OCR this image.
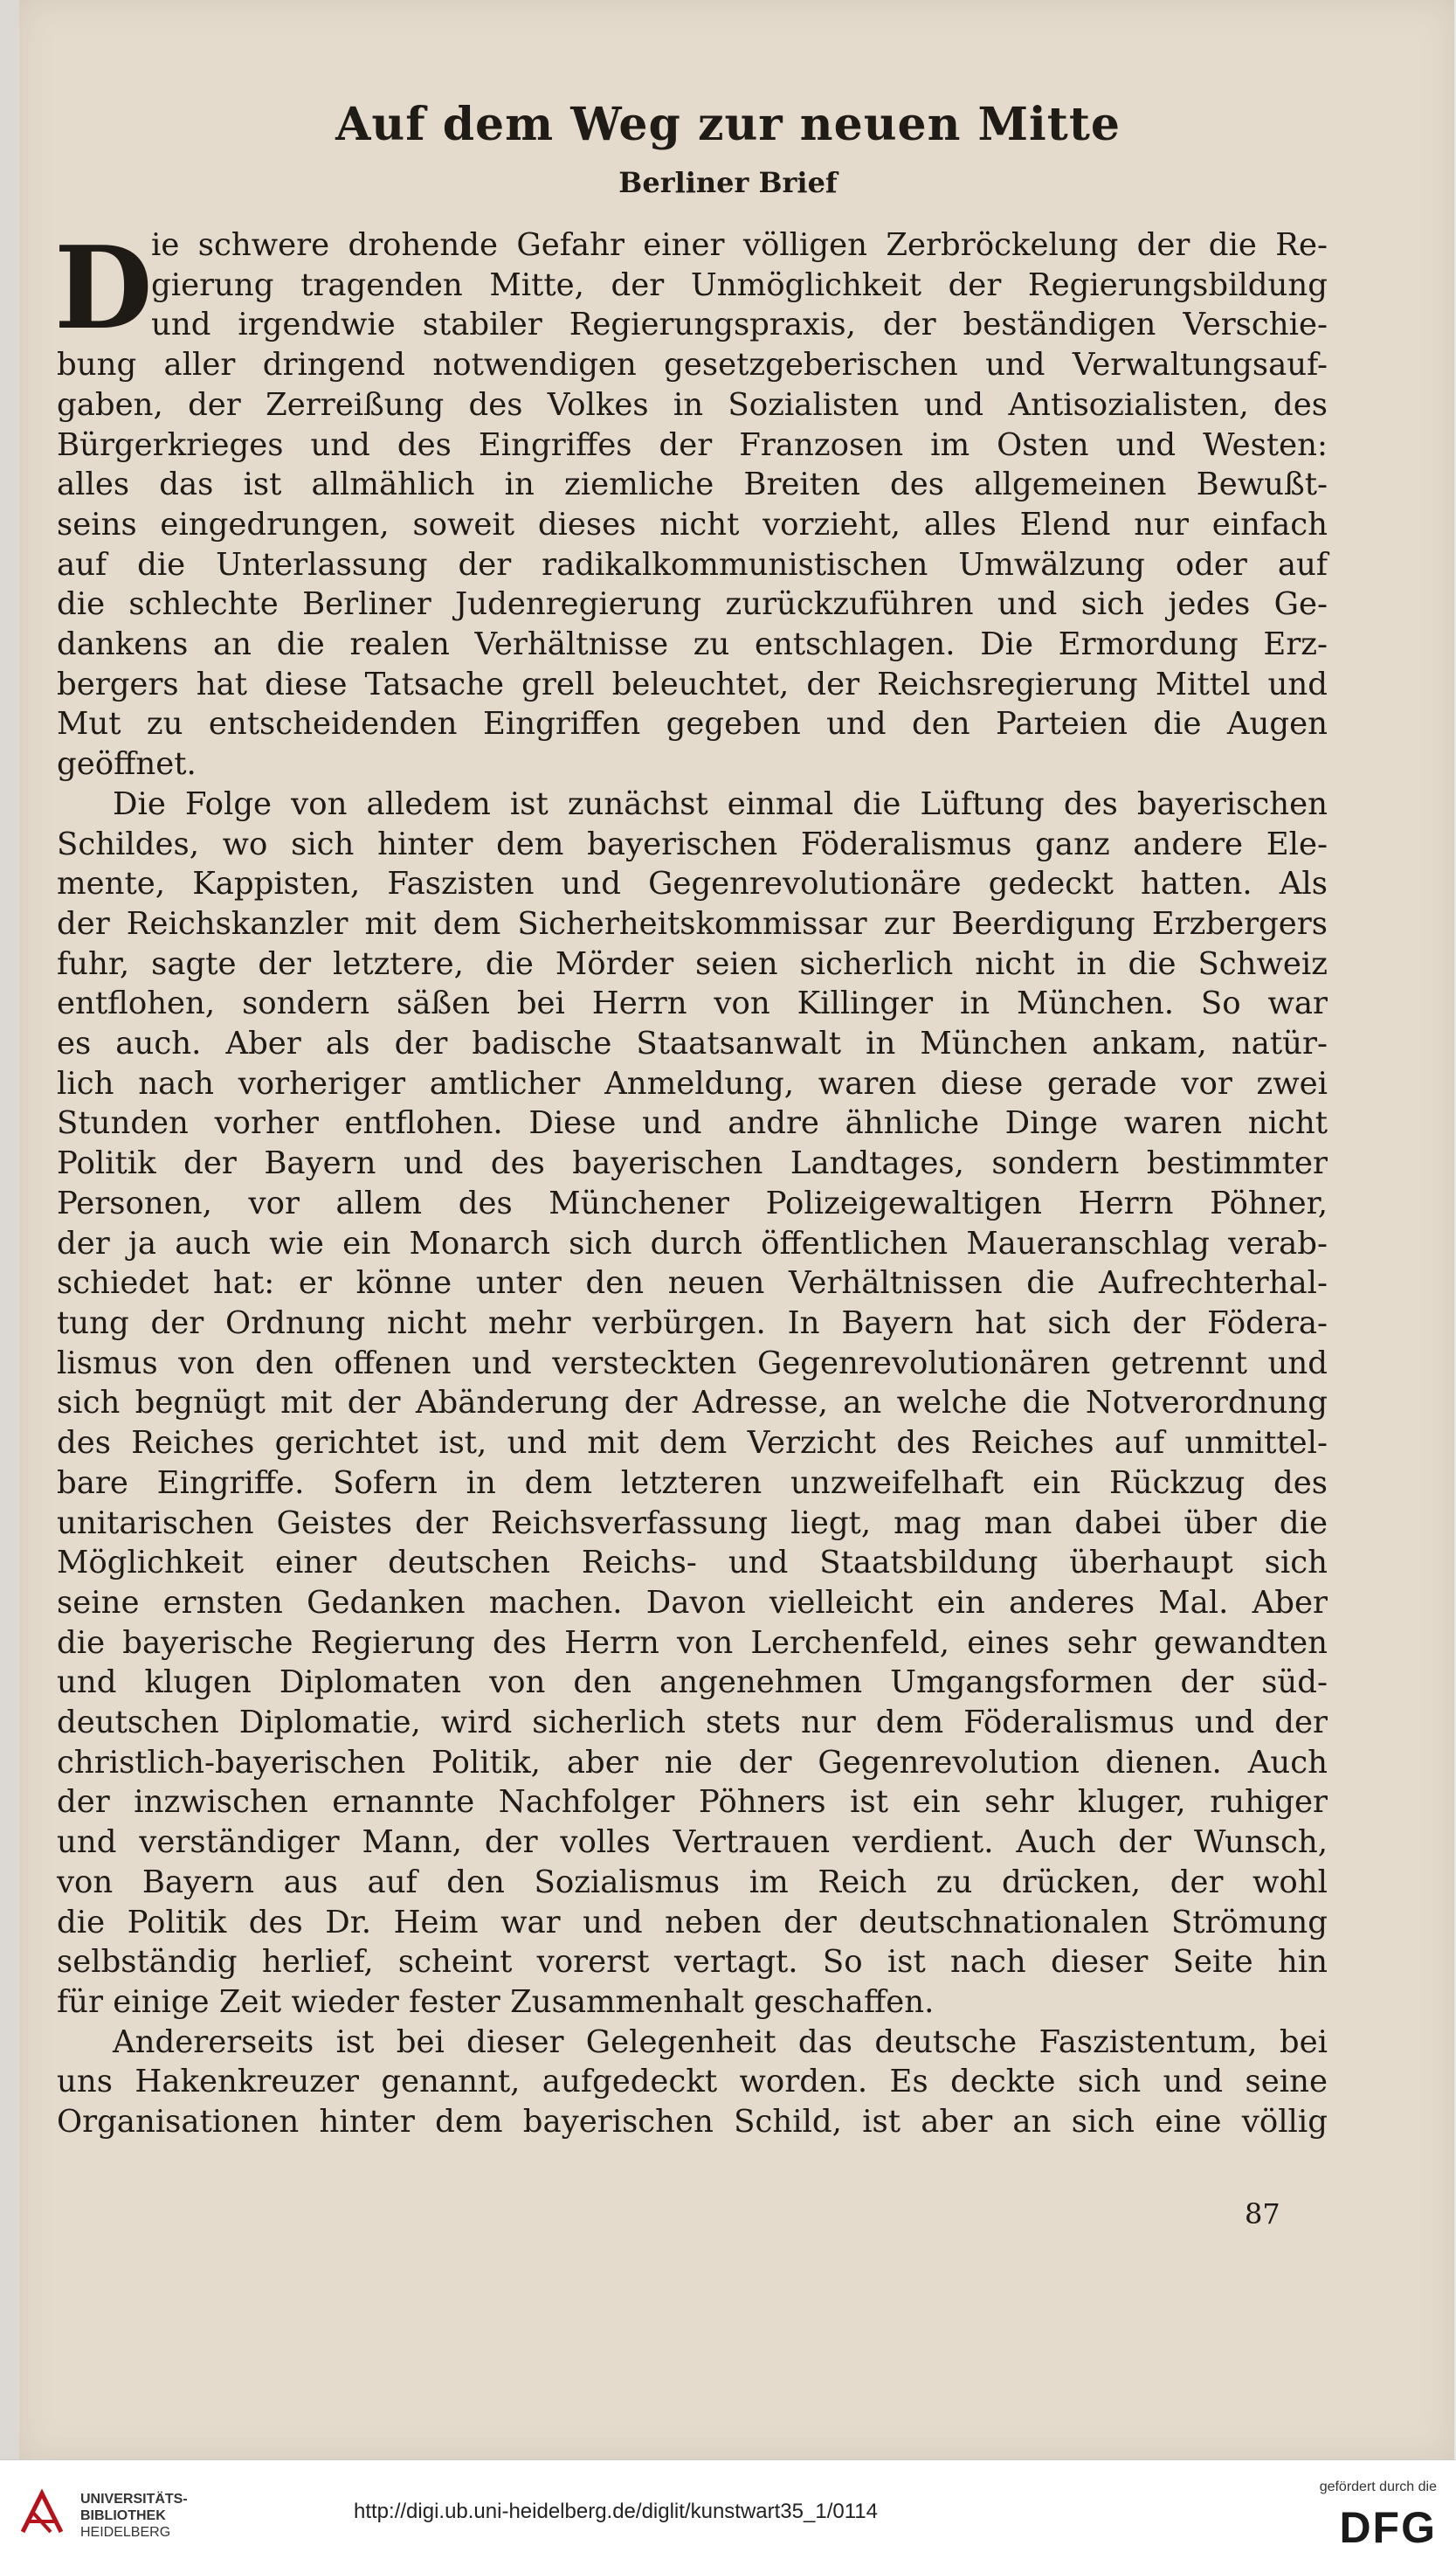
Auf dem Weg zur neuen Mitte
Berliner Brief
D
ie schwere drohende Gefahr einer völligen Zerbröckelung der die Re-
gierung tragenden Mitte, der Unmöglichkeit der Regierungsbildung
und irgendwie stabiler Regierungspraxis, der beständigen Verschie-
bung aller dringend notwendigen gesetzgeberischen und Verwaltungsauf-
gaben, der Zerreißung des Volkes in Sozialisten und Antisozialisten, des
Bürgerkrieges und des Eingriffes der Franzosen im Osten und Westen:
alles das ist allmählich in ziemliche Breiten des allgemeinen Bewußt-
seins eingedrungen, soweit dieses nicht vorzieht, alles Elend nur einfach
auf die Unterlassung der radikalkommunistischen Umwälzung oder auf
die schlechte Berliner Judenregierung zurückzuführen und sich jedes Ge-
dankens an die realen Verhältnisse zu entschlagen. Die Ermordung Erz-
bergers hat diese Tatsache grell beleuchtet, der Reichsregierung Mittel und
Mut zu entscheidenden Eingriffen gegeben und den Parteien die Augen
geöffnet.
Die Folge von alledem ist zunächst einmal die Lüftung des bayerischen
Schildes, wo sich hinter dem bayerischen Föderalismus ganz andere Ele-
mente, Kappisten, Faszisten und Gegenrevolutionäre gedeckt hatten. Als
der Reichskanzler mit dem Sicherheitskommissar zur Beerdigung Erzbergers
fuhr, sagte der letztere, die Mörder seien sicherlich nicht in die Schweiz
entflohen, sondern säßen bei Herrn von Killinger in München. So war
es auch. Aber als der badische Staatsanwalt in München ankam, natür-
lich nach vorheriger amtlicher Anmeldung, waren diese gerade vor zwei
Stunden vorher entflohen. Diese und andre ähnliche Dinge waren nicht
Politik der Bayern und des bayerischen Landtages, sondern bestimmter
Personen, vor allem des Münchener Polizeigewaltigen Herrn Pöhner,
der ja auch wie ein Monarch sich durch öffentlichen Maueranschlag verab-
schiedet hat: er könne unter den neuen Verhältnissen die Aufrechterhal-
tung der Ordnung nicht mehr verbürgen. In Bayern hat sich der Födera-
lismus von den offenen und versteckten Gegenrevolutionären getrennt und
sich begnügt mit der Abänderung der Adresse, an welche die Notverordnung
des Reiches gerichtet ist, und mit dem Verzicht des Reiches auf unmittel-
bare Eingriffe. Sofern in dem letzteren unzweifelhaft ein Rückzug des
unitarischen Geistes der Reichsverfassung liegt, mag man dabei über die
Möglichkeit einer deutschen Reichs- und Staatsbildung überhaupt sich
seine ernsten Gedanken machen. Davon vielleicht ein anderes Mal. Aber
die bayerische Regierung des Herrn von Lerchenfeld, eines sehr gewandten
und klugen Diplomaten von den angenehmen Umgangsformen der süd-
deutschen Diplomatie, wird sicherlich stets nur dem Föderalismus und der
christlich-bayerischen Politik, aber nie der Gegenrevolution dienen. Auch
der inzwischen ernannte Nachfolger Pöhners ist ein sehr kluger, ruhiger
und verständiger Mann, der volles Vertrauen verdient. Auch der Wunsch,
von Bayern aus auf den Sozialismus im Reich zu drücken, der wohl
die Politik des Dr. Heim war und neben der deutschnationalen Strömung
selbständig herlief, scheint vorerst vertagt. So ist nach dieser Seite hin
für einige Zeit wieder fester Zusammenhalt geschaffen.
Andererseits ist bei dieser Gelegenheit das deutsche Faszistentum, bei
uns Hakenkreuzer genannt, aufgedeckt worden. Es deckte sich und seine
Organisationen hinter dem bayerischen Schild, ist aber an sich eine völlig
87
UNIVERSITÄTS-
BIBLIOTHEK
HEIDELBERG
http://digi.ub.uni-heidelberg.de/diglit/kunstwart35_1/0114
gefördert durch die
DFG
